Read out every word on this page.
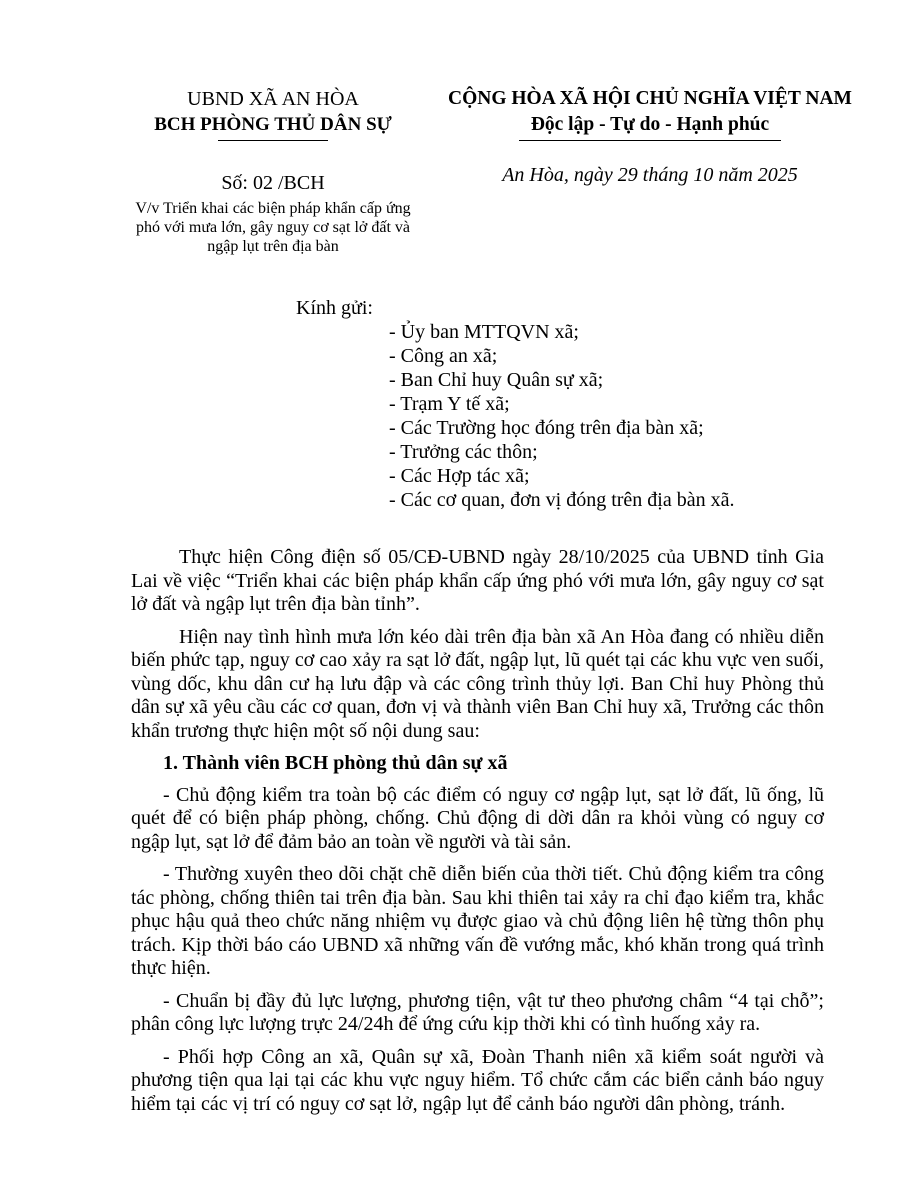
UBND XÃ AN HÒA
BCH PHÒNG THỦ DÂN SỰ
Số: 02 /BCH
V/v Triển khai các biện pháp khẩn cấp ứng phó với mưa lớn, gây nguy cơ sạt lở đất và ngập lụt trên địa bàn
CỘNG HÒA XÃ HỘI CHỦ NGHĨA VIỆT NAM
Độc lập - Tự do - Hạnh phúc
An Hòa, ngày 29 tháng 10 năm 2025
Kính gửi:
- Ủy ban MTTQVN xã;
- Công an xã;
- Ban Chỉ huy Quân sự xã;
- Trạm Y tế xã;
- Các Trường học đóng trên địa bàn xã;
- Trưởng các thôn;
- Các Hợp tác xã;
- Các cơ quan, đơn vị đóng trên địa bàn xã.

Thực hiện Công điện số 05/CĐ-UBND ngày 28/10/2025 của UBND tỉnh Gia Lai về việc “Triển khai các biện pháp khẩn cấp ứng phó với mưa lớn, gây nguy cơ sạt lở đất và ngập lụt trên địa bàn tỉnh”.

Hiện nay tình hình mưa lớn kéo dài trên địa bàn xã An Hòa đang có nhiều diễn biến phức tạp, nguy cơ cao xảy ra sạt lở đất, ngập lụt, lũ quét tại các khu vực ven suối, vùng dốc, khu dân cư hạ lưu đập và các công trình thủy lợi. Ban Chỉ huy Phòng thủ dân sự xã yêu cầu các cơ quan, đơn vị và thành viên Ban Chỉ huy xã, Trưởng các thôn khẩn trương thực hiện một số nội dung sau:

1. Thành viên BCH phòng thủ dân sự xã

- Chủ động kiểm tra toàn bộ các điểm có nguy cơ ngập lụt, sạt lở đất, lũ ống, lũ quét để có biện pháp phòng, chống. Chủ động di dời dân ra khỏi vùng có nguy cơ ngập lụt, sạt lở để đảm bảo an toàn về người và tài sản.

- Thường xuyên theo dõi chặt chẽ diễn biến của thời tiết. Chủ động kiểm tra công tác phòng, chống thiên tai trên địa bàn. Sau khi thiên tai xảy ra chỉ đạo kiểm tra, khắc phục hậu quả theo chức năng nhiệm vụ được giao và chủ động liên hệ từng thôn phụ trách. Kịp thời báo cáo UBND xã những vấn đề vướng mắc, khó khăn trong quá trình thực hiện.

- Chuẩn bị đầy đủ lực lượng, phương tiện, vật tư theo phương châm “4 tại chỗ”; phân công lực lượng trực 24/24h để ứng cứu kịp thời khi có tình huống xảy ra.

- Phối hợp Công an xã, Quân sự xã, Đoàn Thanh niên xã kiểm soát người và phương tiện qua lại tại các khu vực nguy hiểm. Tổ chức cắm các biển cảnh báo nguy hiểm tại các vị trí có nguy cơ sạt lở, ngập lụt để cảnh báo người dân phòng, tránh.
